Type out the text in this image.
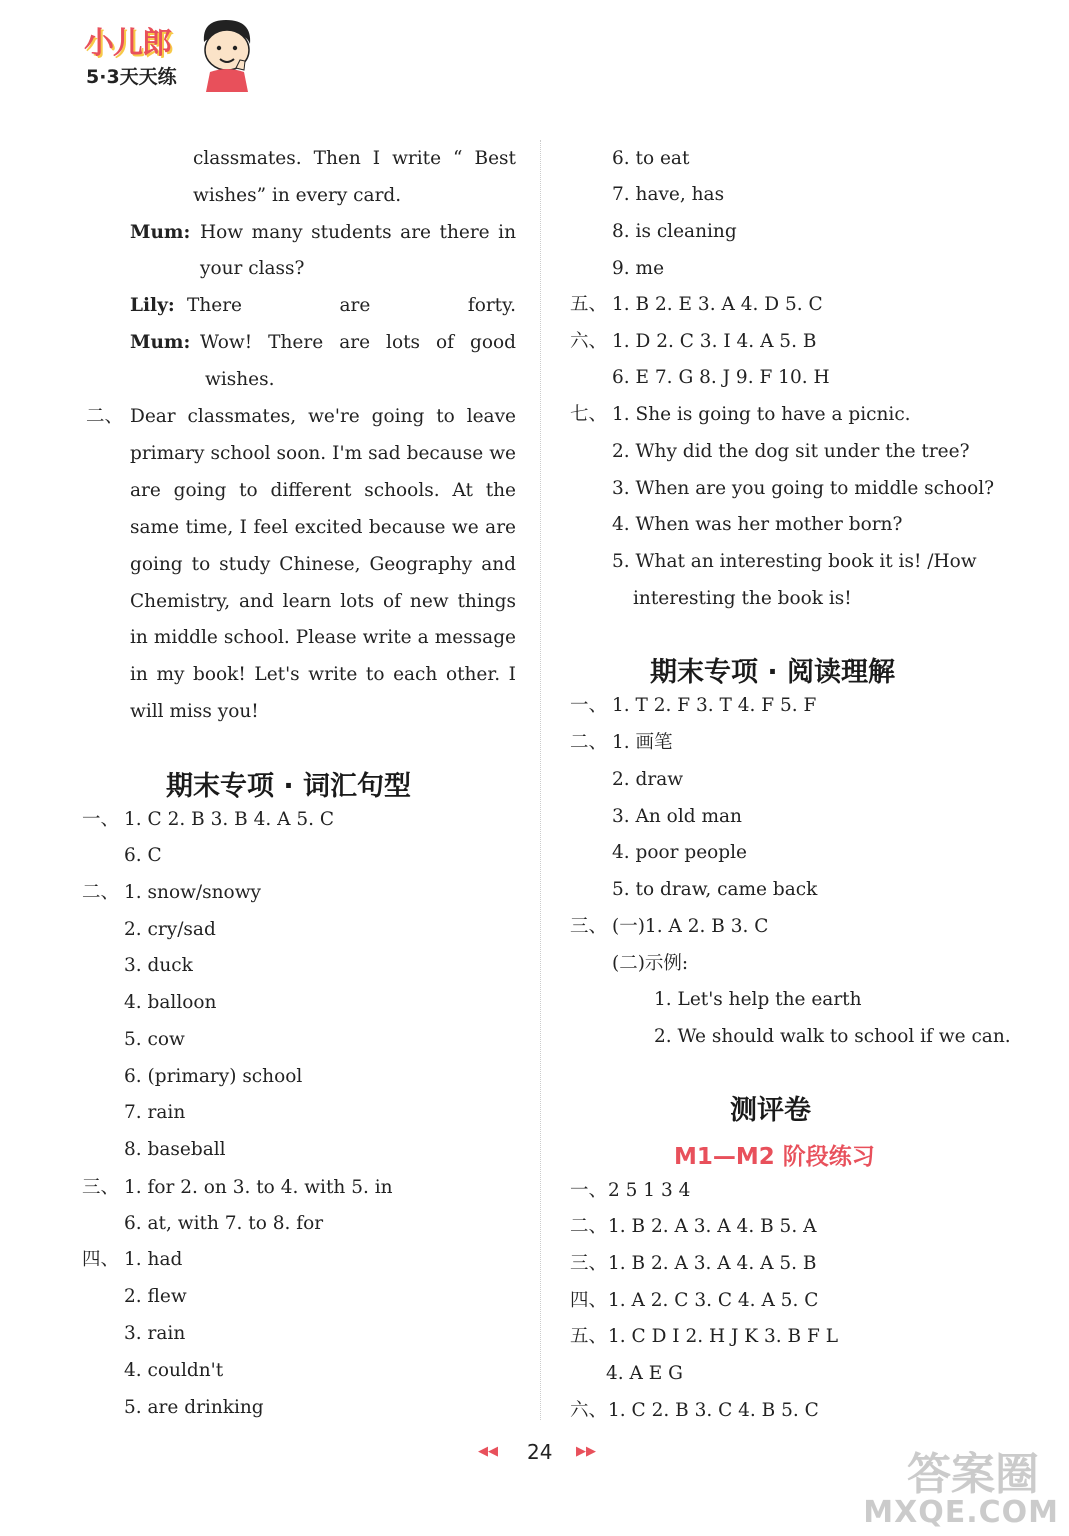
小儿郎
5·3天天练
classmates. Then I write “ Best
wishes” in every card.
Mum: How many students are there in
your class?
Lily: There are forty.
Mum: Wow! There are lots of good
wishes.
二、 Dear classmates, we're going to leave
primary school soon. I'm sad because we
are going to different schools. At the
same time, I feel excited because we are
going to study Chinese, Geography and
Chemistry, and learn lots of new things
in middle school. Please write a message
in my book! Let's write to each other. I
will miss you!
期末专项 · 词汇句型
一、 1. C 2. B 3. B 4. A 5. C
6. C
二、 1. snow/snowy
2. cry/sad
3. duck
4. balloon
5. cow
6. (primary) school
7. rain
8. baseball
三、 1. for 2. on 3. to 4. with 5. in
6. at, with 7. to 8. for
四、 1. had
2. flew
3. rain
4. couldn't
5. are drinking
6. to eat
7. have, has
8. is cleaning
9. me
五、 1. B 2. E 3. A 4. D 5. C
六、 1. D 2. C 3. I 4. A 5. B
6. E 7. G 8. J 9. F 10. H
七、 1. She is going to have a picnic.
2. Why did the dog sit under the tree?
3. When are you going to middle school?
4. When was her mother born?
5. What an interesting book it is! /How
interesting the book is!
期末专项 · 阅读理解
一、 1. T 2. F 3. T 4. F 5. F
二、 1. 画笔
2. draw
3. An old man
4. poor people
5. to draw, came back
三、 (一)1. A 2. B 3. C
(二)示例:
1. Let's help the earth
2. We should walk to school if we can.
测评卷
M1—M2 阶段练习
一、 2 5 1 3 4
二、 1. B 2. A 3. A 4. B 5. A
三、 1. B 2. A 3. A 4. A 5. B
四、 1. A 2. C 3. C 4. A 5. C
五、 1. C D I 2. H J K 3. B F L
4. A E G
六、 1. C 2. B 3. C 4. B 5. C
◀◀ 24 ▶▶	答案圈
MXQE.COM
